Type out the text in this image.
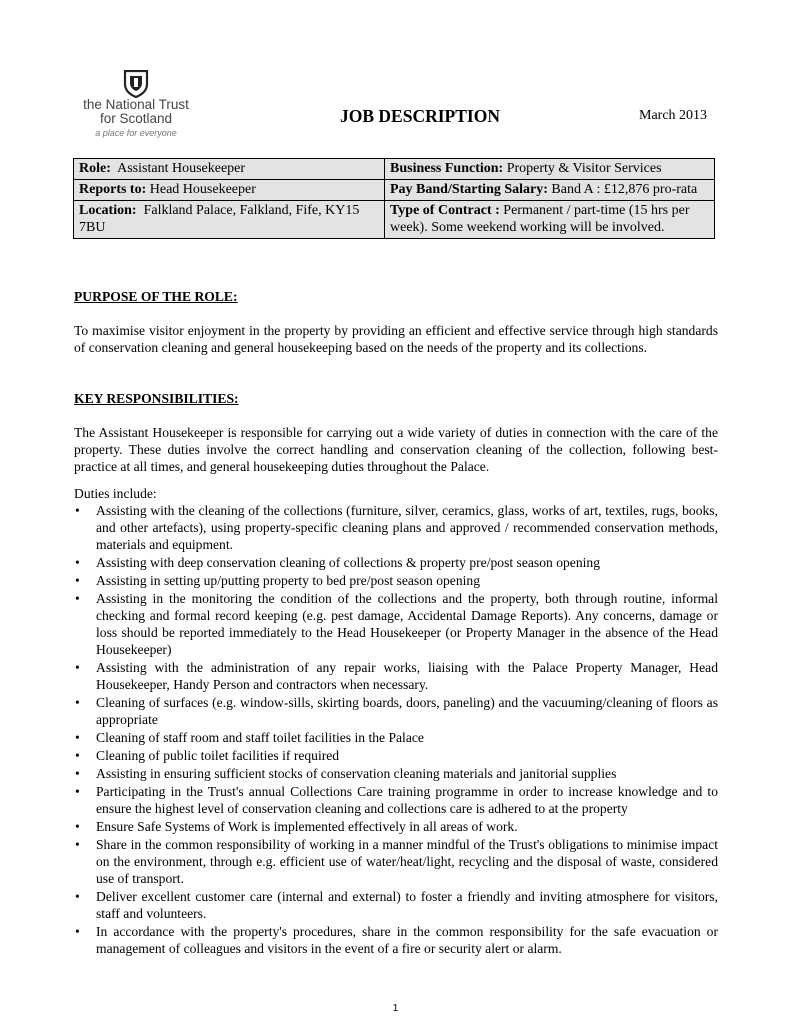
the National Trust
for Scotland
a place for everyone
JOB DESCRIPTION	March 2013
Role: Assistant Housekeeper	Business Function: Property & Visitor Services
Reports to: Head Housekeeper	Pay Band/Starting Salary: Band A : £12,876 pro-rata
Location: Falkland Palace, Falkland, Fife, KY15 7BU	Type of Contract : Permanent / part-time (15 hrs per week). Some weekend working will be involved.

PURPOSE OF THE ROLE:

To maximise visitor enjoyment in the property by providing an efficient and effective service through high standards of conservation cleaning and general housekeeping based on the needs of the property and its collections.

KEY RESPONSIBILITIES:

The Assistant Housekeeper is responsible for carrying out a wide variety of duties in connection with the care of the property. These duties involve the correct handling and conservation cleaning of the collection, following best-practice at all times, and general housekeeping duties throughout the Palace.

Duties include:

• Assisting with the cleaning of the collections (furniture, silver, ceramics, glass, works of art, textiles, rugs, books, and other artefacts), using property-specific cleaning plans and approved / recommended conservation methods, materials and equipment.
• Assisting with deep conservation cleaning of collections & property pre/post season opening
• Assisting in setting up/putting property to bed pre/post season opening
• Assisting in the monitoring the condition of the collections and the property, both through routine, informal checking and formal record keeping (e.g. pest damage, Accidental Damage Reports). Any concerns, damage or loss should be reported immediately to the Head Housekeeper (or Property Manager in the absence of the Head Housekeeper)
• Assisting with the administration of any repair works, liaising with the Palace Property Manager, Head Housekeeper, Handy Person and contractors when necessary.
• Cleaning of surfaces (e.g. window-sills, skirting boards, doors, paneling) and the vacuuming/cleaning of floors as appropriate
• Cleaning of staff room and staff toilet facilities in the Palace
• Cleaning of public toilet facilities if required
• Assisting in ensuring sufficient stocks of conservation cleaning materials and janitorial supplies
• Participating in the Trust's annual Collections Care training programme in order to increase knowledge and to ensure the highest level of conservation cleaning and collections care is adhered to at the property
• Ensure Safe Systems of Work is implemented effectively in all areas of work.
• Share in the common responsibility of working in a manner mindful of the Trust's obligations to minimise impact on the environment, through e.g. efficient use of water/heat/light, recycling and the disposal of waste, considered use of transport.
• Deliver excellent customer care (internal and external) to foster a friendly and inviting atmosphere for visitors, staff and volunteers.
• In accordance with the property's procedures, share in the common responsibility for the safe evacuation or management of colleagues and visitors in the event of a fire or security alert or alarm.
1
